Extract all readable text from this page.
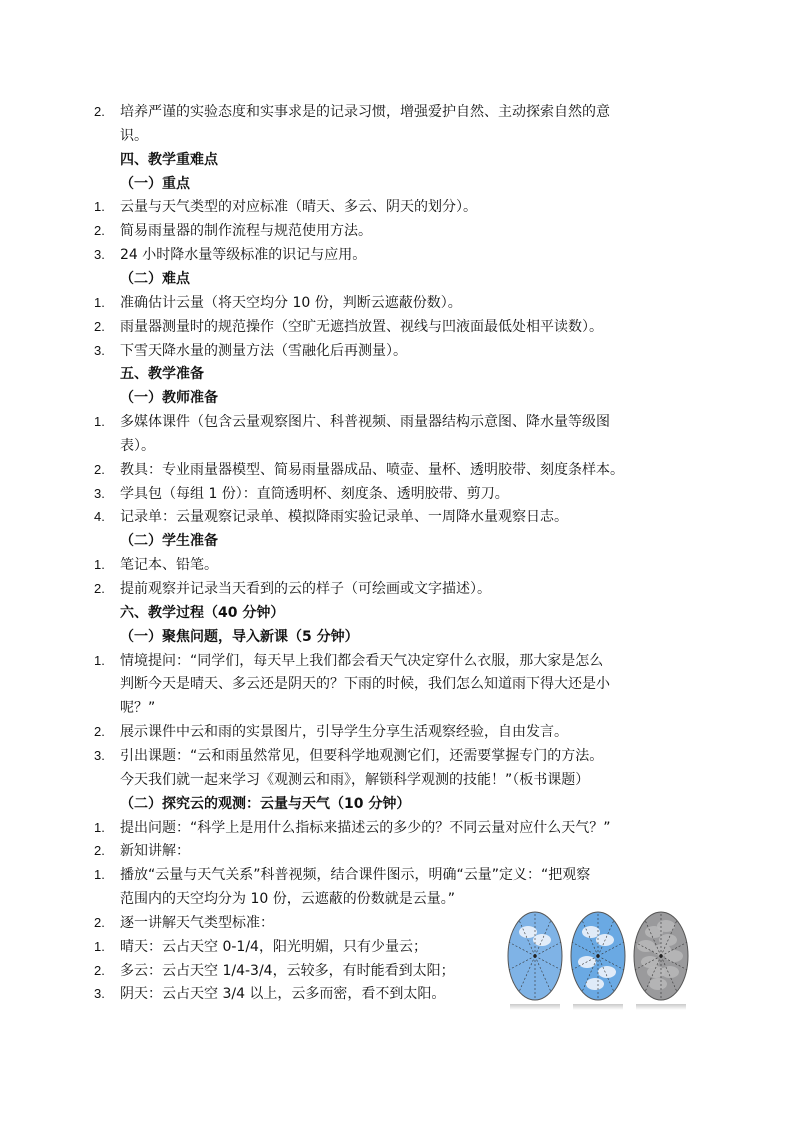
2.	培养严谨的实验态度和实事求是的记录习惯，增强爱护自然、主动探索自然的意
识。
四、教学重难点
（一）重点
1.	云量与天气类型的对应标准（晴天、多云、阴天的划分）。
2.	简易雨量器的制作流程与规范使用方法。
3.	24 小时降水量等级标准的识记与应用。
（二）难点
1.	准确估计云量（将天空均分 10 份，判断云遮蔽份数）。
2.	雨量器测量时的规范操作（空旷无遮挡放置、视线与凹液面最低处相平读数）。
3.	下雪天降水量的测量方法（雪融化后再测量）。
五、教学准备
（一）教师准备
1.	多媒体课件（包含云量观察图片、科普视频、雨量器结构示意图、降水量等级图
表）。
2.	教具：专业雨量器模型、简易雨量器成品、喷壶、量杯、透明胶带、刻度条样本。
3.	学具包（每组 1 份）：直筒透明杯、刻度条、透明胶带、剪刀。
4.	记录单：云量观察记录单、模拟降雨实验记录单、一周降水量观察日志。
（二）学生准备
1.	笔记本、铅笔。
2.	提前观察并记录当天看到的云的样子（可绘画或文字描述）。
六、教学过程（40 分钟）
（一）聚焦问题，导入新课（5 分钟）
1.	情境提问：“同学们，每天早上我们都会看天气决定穿什么衣服，那大家是怎么
判断今天是晴天、多云还是阴天的？下雨的时候，我们怎么知道雨下得大还是小
呢？”
2.	展示课件中云和雨的实景图片，引导学生分享生活观察经验，自由发言。
3.	引出课题：“云和雨虽然常见，但要科学地观测它们，还需要掌握专门的方法。
今天我们就一起来学习《观测云和雨》，解锁科学观测的技能！”（板书课题）
（二）探究云的观测：云量与天气（10 分钟）
1.	提出问题：“科学上是用什么指标来描述云的多少的？不同云量对应什么天气？”
2.	新知讲解：
1.	播放“云量与天气关系”科普视频，结合课件图示，明确“云量”定义：“把观察
范围内的天空均分为 10 份，云遮蔽的份数就是云量。”
2.	逐一讲解天气类型标准：
1.	晴天：云占天空 0-1/4，阳光明媚，只有少量云；
2.	多云：云占天空 1/4-3/4，云较多，有时能看到太阳；
3.	阴天：云占天空 3/4 以上，云多而密，看不到太阳。
